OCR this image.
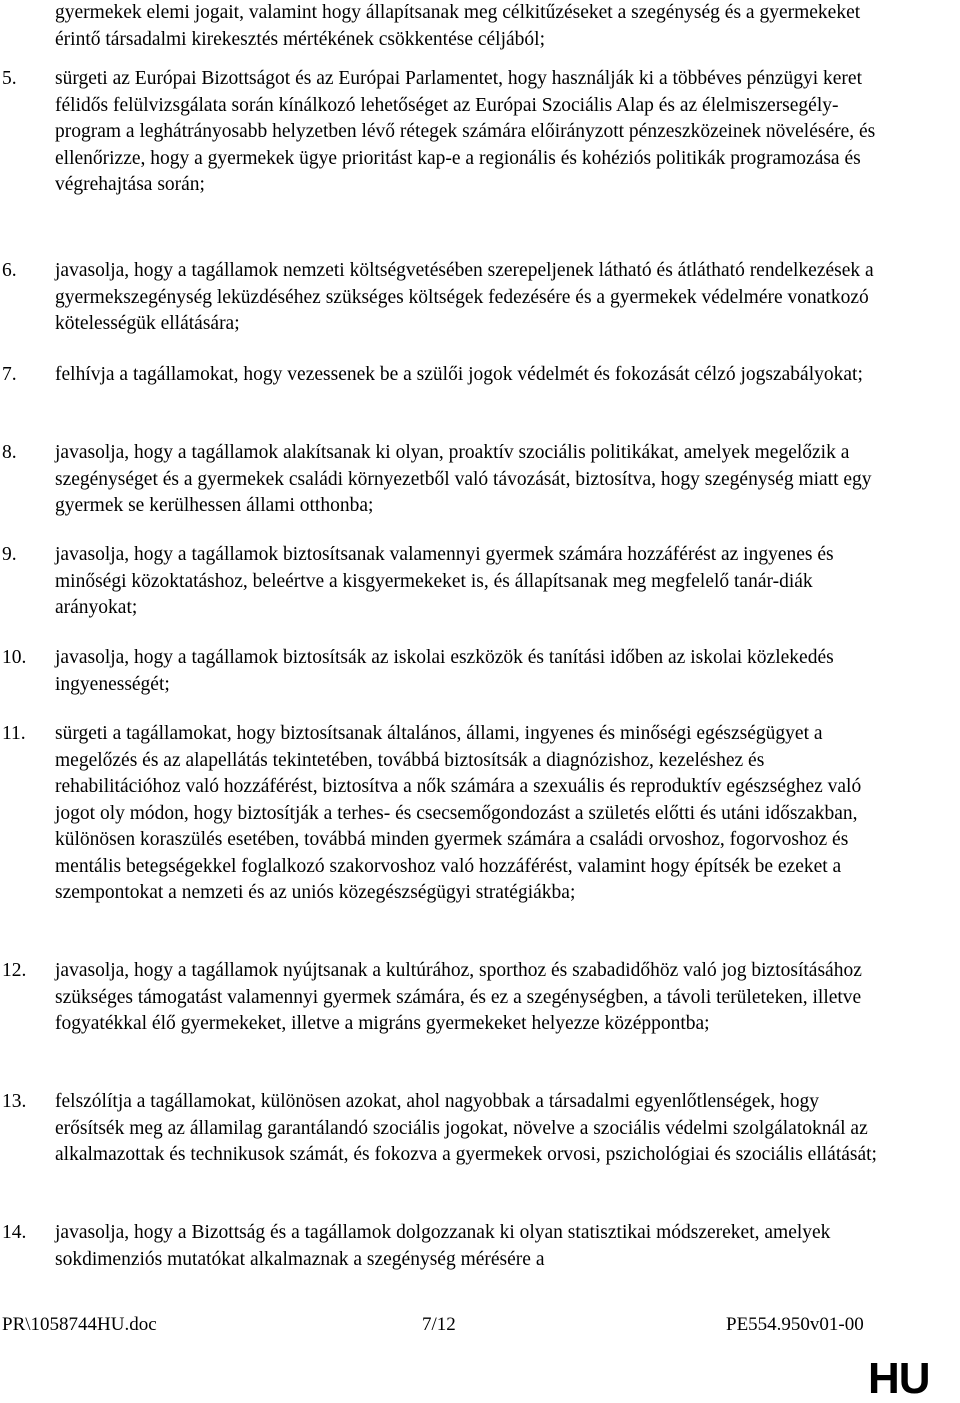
gyermekek elemi jogait, valamint hogy állapítsanak meg célkitűzéseket a szegénység és a gyermekeket érintő társadalmi kirekesztés mértékének csökkentése céljából;
5. sürgeti az Európai Bizottságot és az Európai Parlamentet, hogy használják ki a többéves pénzügyi keret félidős felülvizsgálata során kínálkozó lehetőséget az Európai Szociális Alap és az élelmiszersegély-program a leghátrányosabb helyzetben lévő rétegek számára előirányzott pénzeszközeinek növelésére, és ellenőrizze, hogy a gyermekek ügye prioritást kap-e a regionális és kohéziós politikák programozása és végrehajtása során;
6. javasolja, hogy a tagállamok nemzeti költségvetésében szerepeljenek látható és átlátható rendelkezések a gyermekszegénység leküzdéséhez szükséges költségek fedezésére és a gyermekek védelmére vonatkozó kötelességük ellátására;
7. felhívja a tagállamokat, hogy vezessenek be a szülői jogok védelmét és fokozását célzó jogszabályokat;
8. javasolja, hogy a tagállamok alakítsanak ki olyan, proaktív szociális politikákat, amelyek megelőzik a szegénységet és a gyermekek családi környezetből való távozását, biztosítva, hogy szegénység miatt egy gyermek se kerülhessen állami otthonba;
9. javasolja, hogy a tagállamok biztosítsanak valamennyi gyermek számára hozzáférést az ingyenes és minőségi közoktatáshoz, beleértve a kisgyermekeket is, és állapítsanak meg megfelelő tanár-diák arányokat;
10. javasolja, hogy a tagállamok biztosítsák az iskolai eszközök és tanítási időben az iskolai közlekedés ingyenességét;
11. sürgeti a tagállamokat, hogy biztosítsanak általános, állami, ingyenes és minőségi egészségügyet a megelőzés és az alapellátás tekintetében, továbbá biztosítsák a diagnózishoz, kezeléshez és rehabilitációhoz való hozzáférést, biztosítva a nők számára a szexuális és reproduktív egészséghez való jogot oly módon, hogy biztosítják a terhes- és csecsemőgondozást a születés előtti és utáni időszakban, különösen koraszülés esetében, továbbá minden gyermek számára a családi orvoshoz, fogorvoshoz és mentális betegségekkel foglalkozó szakorvoshoz való hozzáférést, valamint hogy építsék be ezeket a szempontokat a nemzeti és az uniós közegészségügyi stratégiákba;
12. javasolja, hogy a tagállamok nyújtsanak a kultúrához, sporthoz és szabadidőhöz való jog biztosításához szükséges támogatást valamennyi gyermek számára, és ez a szegénységben, a távoli területeken, illetve fogyatékkal élő gyermekeket, illetve a migráns gyermekeket helyezze középpontba;
13. felszólítja a tagállamokat, különösen azokat, ahol nagyobbak a társadalmi egyenlőtlenségek, hogy erősítsék meg az államilag garantálandó szociális jogokat, növelve a szociális védelmi szolgálatoknál az alkalmazottak és technikusok számát, és fokozva a gyermekek orvosi, pszichológiai és szociális ellátását;
14. javasolja, hogy a Bizottság és a tagállamok dolgozzanak ki olyan statisztikai módszereket, amelyek sokdimenziós mutatókat alkalmaznak a szegénység mérésére a
PR\1058744HU.doc	7/12	PE554.950v01-00
HU
